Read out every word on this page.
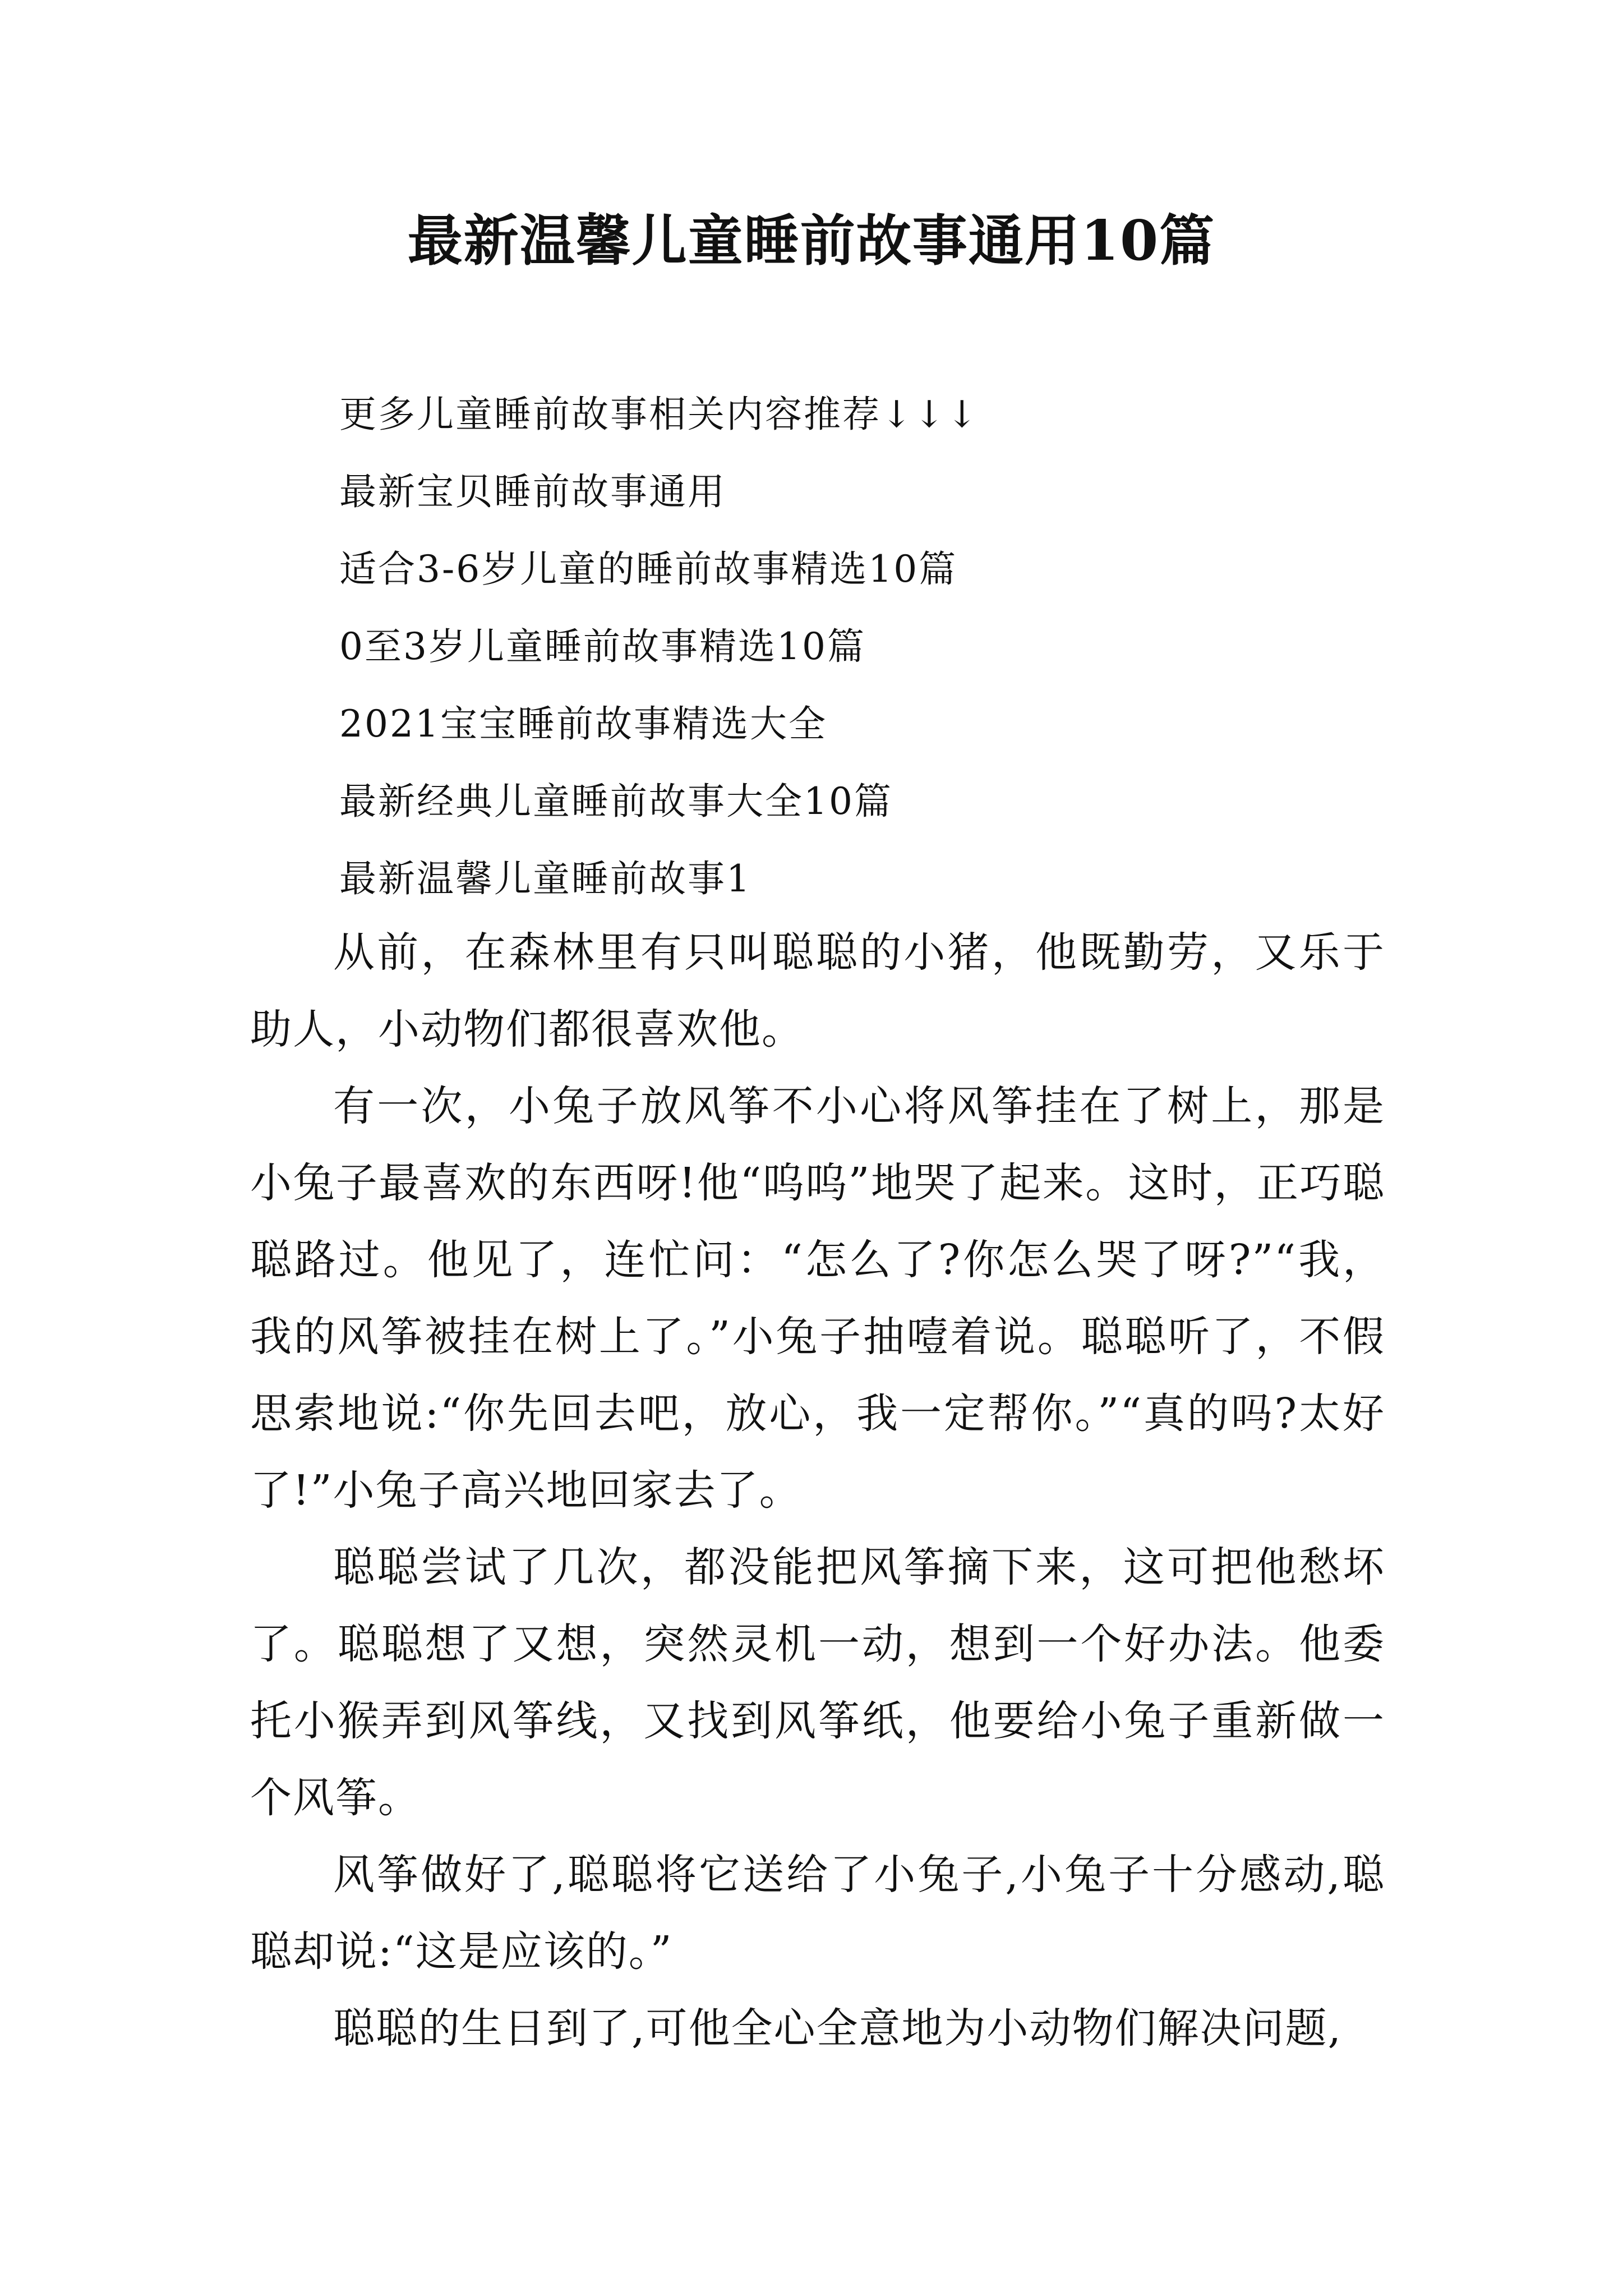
最新温馨儿童睡前故事通用10篇
更多儿童睡前故事相关内容推荐↓↓↓
最新宝贝睡前故事通用
适合3-6岁儿童的睡前故事精选10篇
0至3岁儿童睡前故事精选10篇
2021宝宝睡前故事精选大全
最新经典儿童睡前故事大全10篇
最新温馨儿童睡前故事1

从前，在森林里有只叫聪聪的小猪，他既勤劳，又乐于助人，小动物们都很喜欢他。

有一次，小兔子放风筝不小心将风筝挂在了树上，那是小兔子最喜欢的东西呀!他“呜呜”地哭了起来。这时，正巧聪聪路过。他见了，连忙问：“怎么了?你怎么哭了呀?”“我，我的风筝被挂在树上了。”小兔子抽噎着说。聪聪听了，不假思索地说:“你先回去吧，放心，我一定帮你。”“真的吗?太好了!”小兔子高兴地回家去了。

聪聪尝试了几次，都没能把风筝摘下来，这可把他愁坏了。聪聪想了又想，突然灵机一动，想到一个好办法。他委托小猴弄到风筝线，又找到风筝纸，他要给小兔子重新做一个风筝。

风筝做好了,聪聪将它送给了小兔子,小兔子十分感动,聪聪却说:“这是应该的。”

聪聪的生日到了,可他全心全意地为小动物们解决问题,
